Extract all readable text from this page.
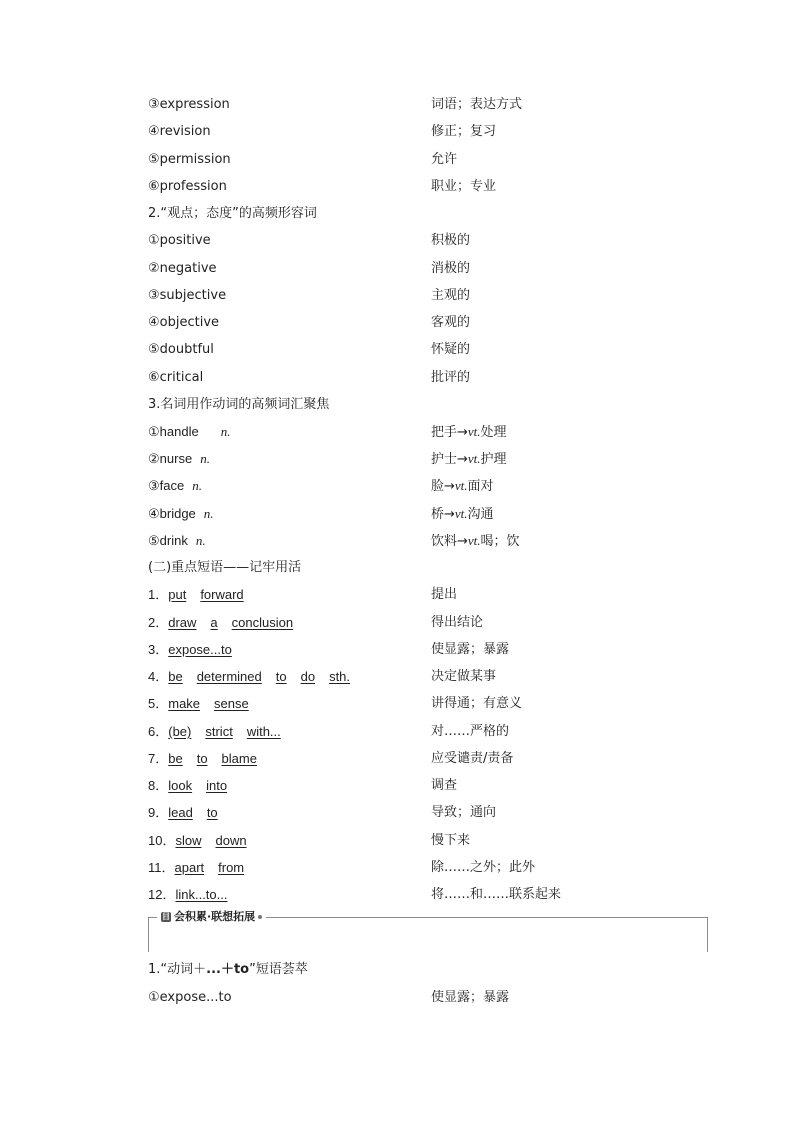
③expression	词语；表达方式
④revision	修正；复习
⑤permission	允许
⑥profession	职业；专业
2.“观点；态度”的高频形容词
①positive	积极的
②negative	消极的
③subjective	主观的
④objective	客观的
⑤doubtful	怀疑的
⑥critical	批评的
3.名词用作动词的高频词汇聚焦
①handle n.	把手→vt.处理
②nurse n.	护士→vt.护理
③face n.	脸→vt.面对
④bridge n.	桥→vt.沟通
⑤drink n.	饮料→vt.喝；饮
(二)重点短语——记牢用活
1．put forward	提出
2．draw a conclusion	得出结论
3．expose...to	使显露；暴露
4．be determined to do sth.	决定做某事
5．make sense	讲得通；有意义
6．(be) strict with...	对……严格的
7．be to blame	应受谴责/责备
8．look into	调查
9．lead to	导致；通向
10．slow down	慢下来
11．apart from	除……之外；此外
12．link...to...	将……和……联系起来
目 会积累·联想拓展
1.“动词＋...＋to”短语荟萃
①expose...to	使显露；暴露
